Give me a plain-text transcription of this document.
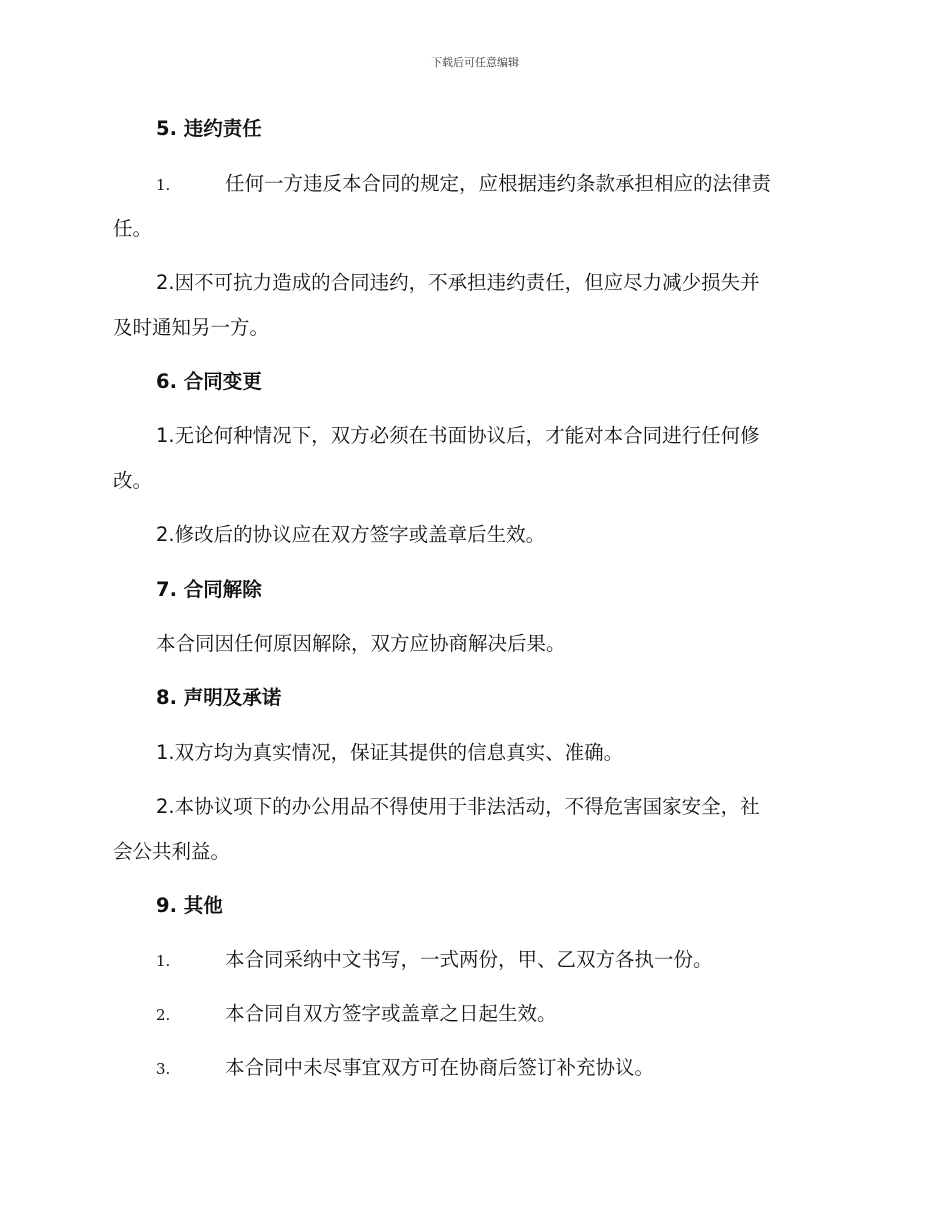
下载后可任意编辑
5. 违约责任
1.	任何一方违反本合同的规定，应根据违约条款承担相应的法律责
任。
2.因不可抗力造成的合同违约，不承担违约责任，但应尽力减少损失并
及时通知另一方。
6. 合同变更
1.无论何种情况下，双方必须在书面协议后，才能对本合同进行任何修
改。
2.修改后的协议应在双方签字或盖章后生效。
7. 合同解除
本合同因任何原因解除，双方应协商解决后果。
8. 声明及承诺
1.双方均为真实情况，保证其提供的信息真实、准确。
2.本协议项下的办公用品不得使用于非法活动，不得危害国家安全，社
会公共利益。
9. 其他
1.	本合同采纳中文书写，一式两份，甲、乙双方各执一份。
2.	本合同自双方签字或盖章之日起生效。
3.	本合同中未尽事宜双方可在协商后签订补充协议。
